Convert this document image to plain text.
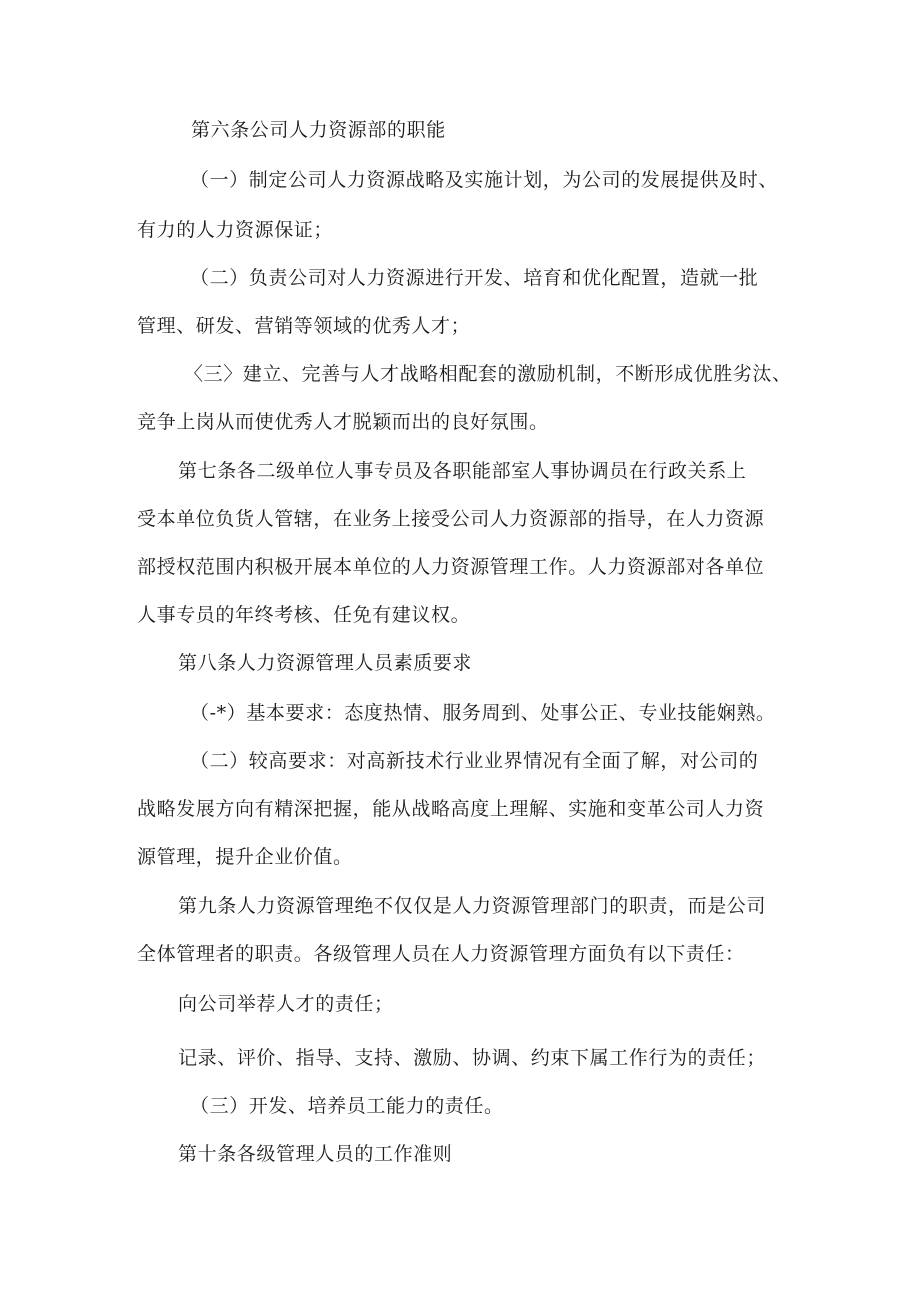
第六条公司人力资源部的职能
（一）制定公司人力资源战略及实施计划，为公司的发展提供及时、
有力的人力资源保证；
（二）负责公司对人力资源进行开发、培育和优化配置，造就一批
管理、研发、营销等领域的优秀人才；
〈三〉建立、完善与人才战略相配套的激励机制，不断形成优胜劣汰、
竞争上岗从而使优秀人才脱颖而出的良好氛围。
第七条各二级单位人事专员及各职能部室人事协调员在行政关系上
受本单位负货人管辖，在业务上接受公司人力资源部的指导，在人力资源
部授权范围内积极开展本单位的人力资源管理工作。人力资源部对各单位
人事专员的年终考核、任免有建议权。
第八条人力资源管理人员素质要求
（-*）基本要求：态度热情、服务周到、处事公正、专业技能娴熟。
（二）较高要求：对高新技术行业业界情况有全面了解，对公司的
战略发展方向有精深把握，能从战略高度上理解、实施和变革公司人力资
源管理，提升企业价值。
第九条人力资源管理绝不仅仅是人力资源管理部门的职责，而是公司
全体管理者的职责。各级管理人员在人力资源管理方面负有以下责任：
向公司举荐人才的责任；
记录、评价、指导、支持、激励、协调、约束下属工作行为的责任；
（三）开发、培养员工能力的责任。
第十条各级管理人员的工作准则
